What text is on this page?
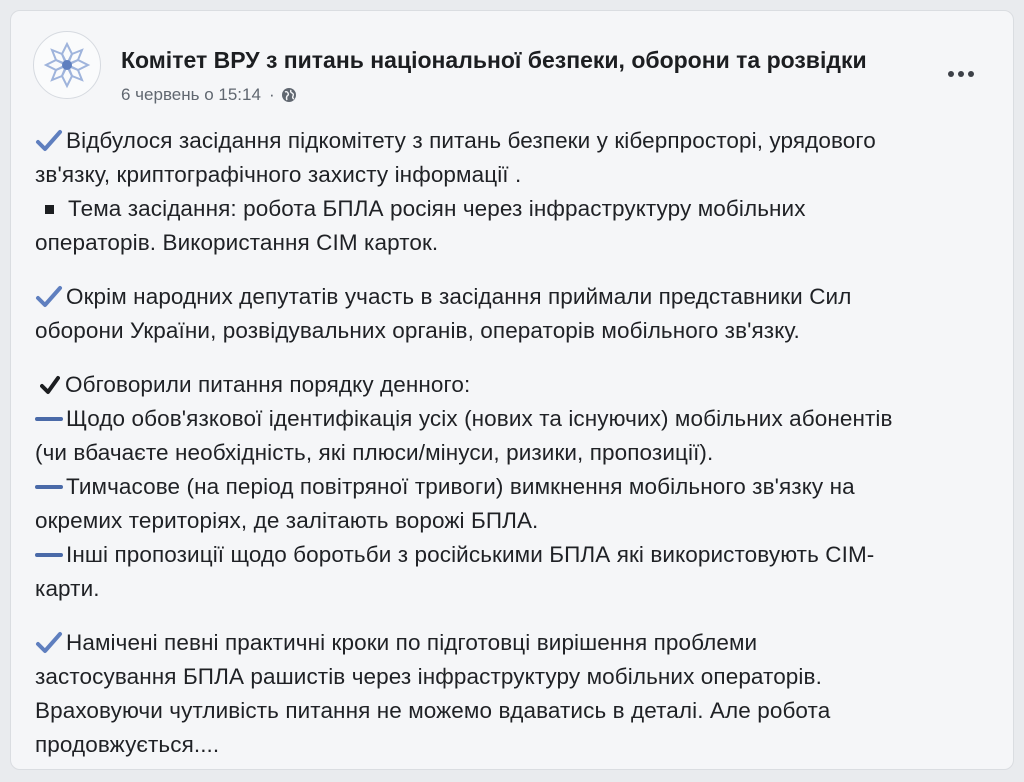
Комітет ВРУ з питань національної безпеки, оборони та розвідки
6 червень о 15:14 ·
Відбулося засідання підкомітету з питань безпеки у кіберпросторі, урядового
зв'язку, криптографічного захисту інформації .
Тема засідання: робота БПЛА росіян через інфраструктуру мобільних
операторів. Використання СІМ карток.
Окрім народних депутатів участь в засідання приймали представники Сил
оборони України, розвідувальних органів, операторів мобільного зв'язку.
Обговорили питання порядку денного:
Щодо обов'язкової ідентифікація усіх (нових та існуючих) мобільних абонентів
(чи вбачаєте необхідність, які плюси/мінуси, ризики, пропозиції).
Тимчасове (на період повітряної тривоги) вимкнення мобільного зв'язку на
окремих територіях, де залітають ворожі БПЛА.
Інші пропозиції щодо боротьби з російськими БПЛА які використовують СІМ-
карти.
Намічені певні практичні кроки по підготовці вирішення проблеми
застосування БПЛА рашистів через інфраструктуру мобільних операторів.
Враховуючи чутливість питання не можемо вдаватись в деталі. Але робота
продовжується....
